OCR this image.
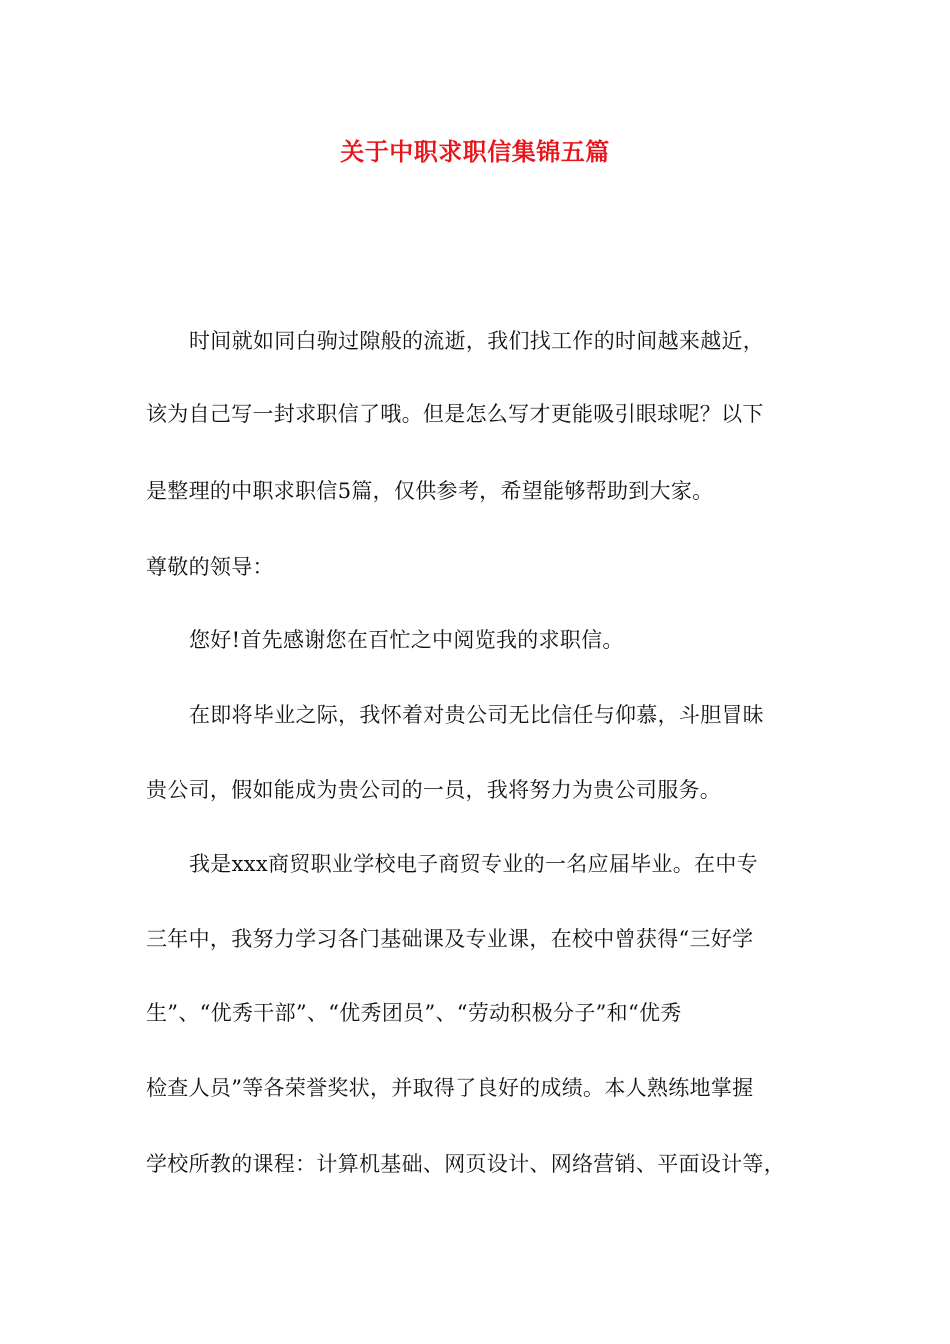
关于中职求职信集锦五篇
时间就如同白驹过隙般的流逝，我们找工作的时间越来越近，
该为自己写一封求职信了哦。但是怎么写才更能吸引眼球呢？以下
是整理的中职求职信5篇，仅供参考，希望能够帮助到大家。
尊敬的领导：
您好!首先感谢您在百忙之中阅览我的求职信。
在即将毕业之际，我怀着对贵公司无比信任与仰慕，斗胆冒昧
贵公司，假如能成为贵公司的一员，我将努力为贵公司服务。
我是xxx商贸职业学校电子商贸专业的一名应届毕业。在中专
三年中，我努力学习各门基础课及专业课，在校中曾获得“三好学
生”、“优秀干部”、“优秀团员”、“劳动积极分子”和“优秀
检查人员”等各荣誉奖状，并取得了良好的成绩。本人熟练地掌握
学校所教的课程：计算机基础、网页设计、网络营销、平面设计等，
